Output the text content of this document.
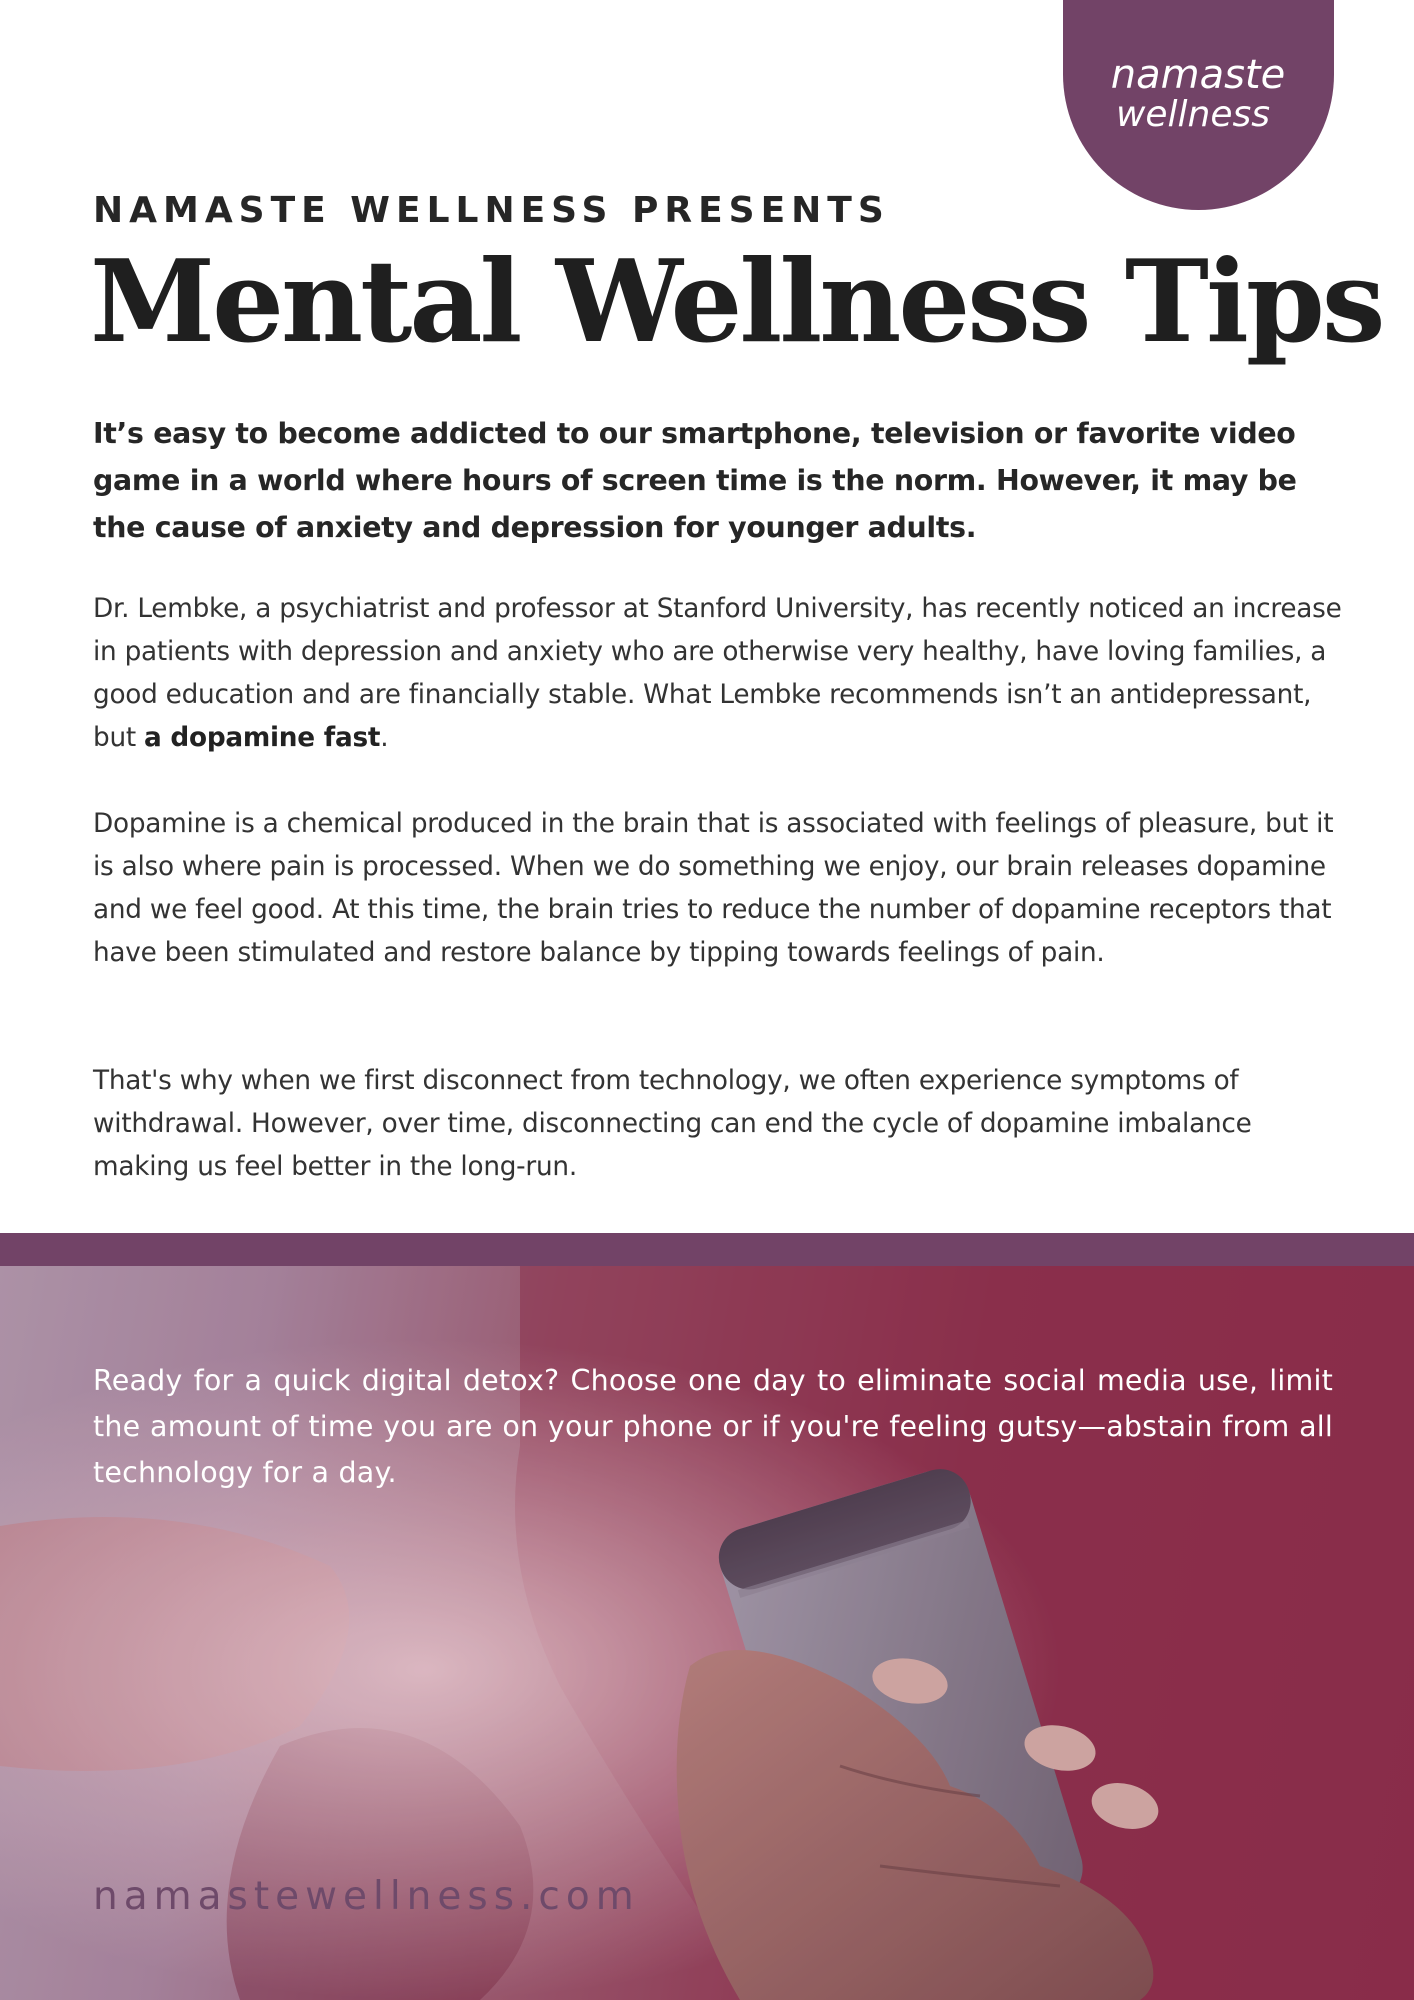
namaste
wellness
NAMASTE WELLNESS PRESENTS
Mental Wellness Tips

It’s easy to become addicted to our smartphone, television or favorite video game in a world where hours of screen time is the norm. However, it may be the cause of anxiety and depression for younger adults.

Dr. Lembke, a psychiatrist and professor at Stanford University, has recently noticed an increase in patients with depression and anxiety who are otherwise very healthy, have loving families, a good education and are financially stable. What Lembke recommends isn’t an antidepressant, but a dopamine fast.

Dopamine is a chemical produced in the brain that is associated with feelings of pleasure, but it is also where pain is processed. When we do something we enjoy, our brain releases dopamine and we feel good. At this time, the brain tries to reduce the number of dopamine receptors that have been stimulated and restore balance by tipping towards feelings of pain.

That's why when we first disconnect from technology, we often experience symptoms of withdrawal. However, over time, disconnecting can end the cycle of dopamine imbalance making us feel better in the long-run.

Ready for a quick digital detox? Choose one day to eliminate social media use, limit the amount of time you are on your phone or if you're feeling gutsy—abstain from all technology for a day.

namastewellness.com
